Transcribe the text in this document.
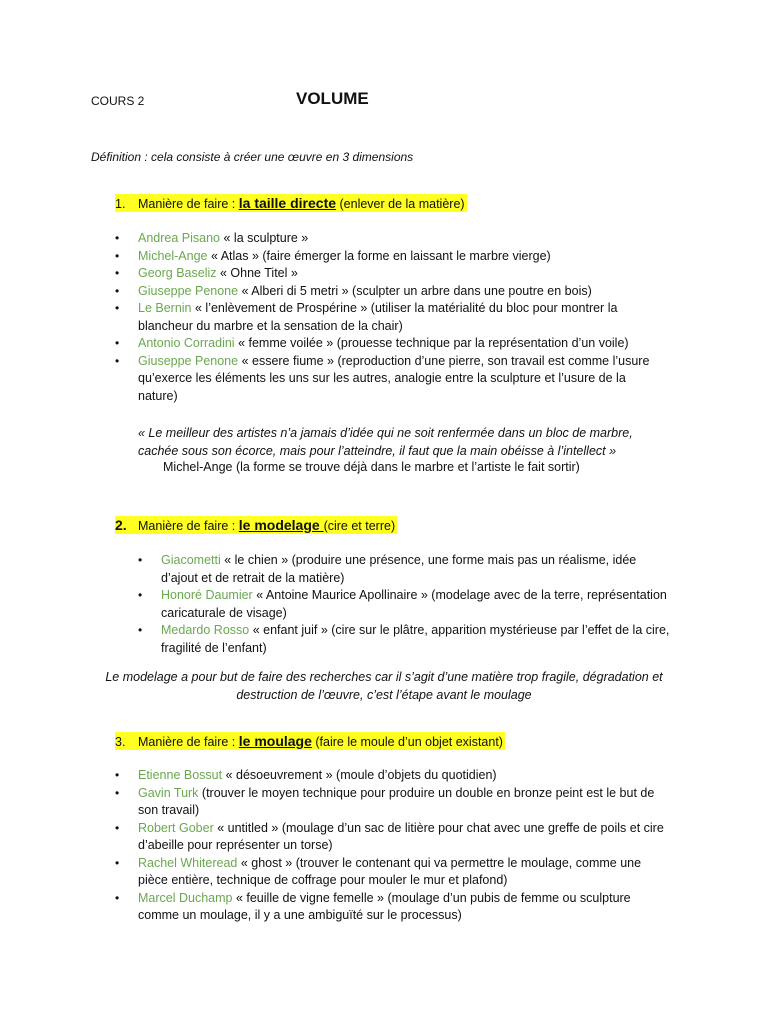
COURS 2	VOLUME
Définition : cela consiste à créer une œuvre en 3 dimensions
1. Manière de faire : la taille directe (enlever de la matière)
• Andrea Pisano « la sculpture »
• Michel-Ange « Atlas » (faire émerger la forme en laissant le marbre vierge)
• Georg Baseliz « Ohne Titel »
• Giuseppe Penone « Alberi di 5 metri » (sculpter un arbre dans une poutre en bois)
• Le Bernin « l’enlèvement de Prospérine » (utiliser la matérialité du bloc pour montrer la blancheur du marbre et la sensation de la chair)
• Antonio Corradini « femme voilée » (prouesse technique par la représentation d’un voile)
• Giuseppe Penone « essere fiume » (reproduction d’une pierre, son travail est comme l’usure qu’exerce les éléments les uns sur les autres, analogie entre la sculpture et l’usure de la nature)
« Le meilleur des artistes n’a jamais d’idée qui ne soit renfermée dans un bloc de marbre, cachée sous son écorce, mais pour l’atteindre, il faut que la main obéisse à l’intellect »
Michel-Ange (la forme se trouve déjà dans le marbre et l’artiste le fait sortir)
2. Manière de faire : le modelage (cire et terre)
• Giacometti « le chien » (produire une présence, une forme mais pas un réalisme, idée d’ajout et de retrait de la matière)
• Honoré Daumier « Antoine Maurice Apollinaire » (modelage avec de la terre, représentation caricaturale de visage)
• Medardo Rosso « enfant juif » (cire sur le plâtre, apparition mystérieuse par l’effet de la cire, fragilité de l’enfant)
Le modelage a pour but de faire des recherches car il s’agit d’une matière trop fragile, dégradation et destruction de l’œuvre, c’est l’étape avant le moulage
3. Manière de faire : le moulage (faire le moule d’un objet existant)
• Etienne Bossut « désoeuvrement » (moule d’objets du quotidien)
• Gavin Turk (trouver le moyen technique pour produire un double en bronze peint est le but de son travail)
• Robert Gober « untitled » (moulage d’un sac de litière pour chat avec une greffe de poils et cire d’abeille pour représenter un torse)
• Rachel Whiteread « ghost » (trouver le contenant qui va permettre le moulage, comme une pièce entière, technique de coffrage pour mouler le mur et plafond)
• Marcel Duchamp « feuille de vigne femelle » (moulage d’un pubis de femme ou sculpture comme un moulage, il y a une ambiguïté sur le processus)
